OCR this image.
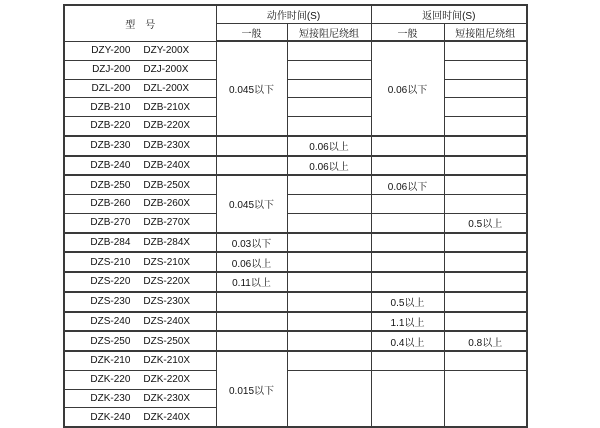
型　号	动作时间(S)		返回时间(S)	
	一般	短接阻尼绕组	一般	短接阻尼绕组

DZY-200 DZY-200X	0.045以下		0.06以下	

DZJ-200 DZJ-200X				

DZL-200 DZL-200X				

DZB-210 DZB-210X				

DZB-220 DZB-220X				

DZB-230 DZB-230X		0.06以上		

DZB-240 DZB-240X		0.06以上		

DZB-250 DZB-250X	0.045以下		0.06以下	

DZB-260 DZB-260X				

DZB-270 DZB-270X				0.5以上

DZB-284 DZB-284X	0.03以下			

DZS-210 DZS-210X	0.06以上			

DZS-220 DZS-220X	0.11以上			

DZS-230 DZS-230X			0.5以上	

DZS-240 DZS-240X			1.1以上	

DZS-250 DZS-250X			0.4以上	0.8以上

DZK-210 DZK-210X	0.015以下			

DZK-220 DZK-220X				

DZK-230 DZK-230X				

DZK-240 DZK-240X				
